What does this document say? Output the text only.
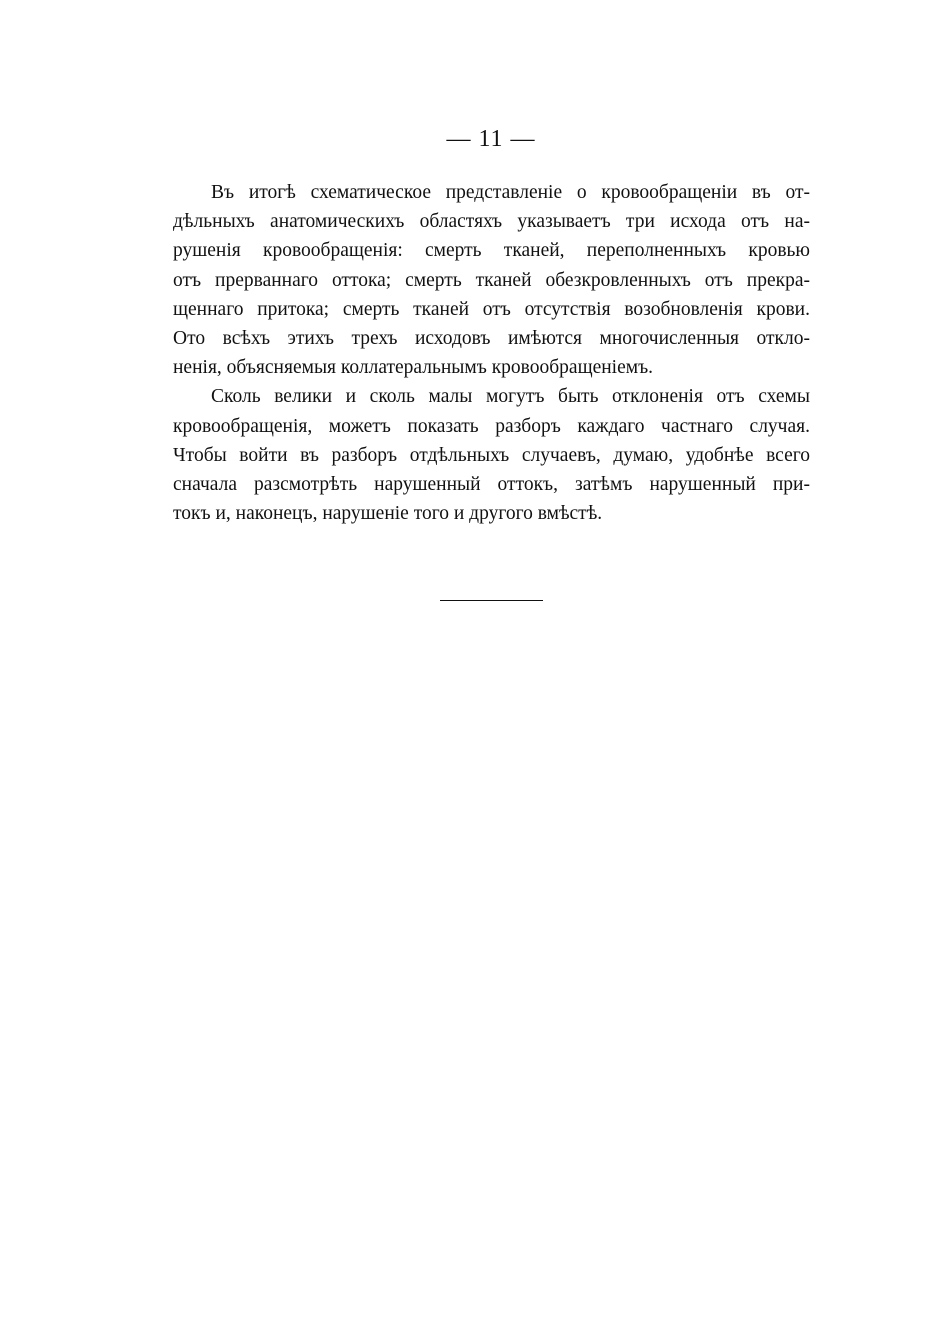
— 11 —
Въ итогѣ схематическое представленіе о кровообращеніи въ от-
дѣльныхъ анатомическихъ областяхъ указываетъ три исхода отъ на-
рушенія кровообращенія: смерть тканей, переполненныхъ кровью
отъ прерваннаго оттока; смерть тканей обезкровленныхъ отъ прекра-
щеннаго притока; смерть тканей отъ отсутствія возобновленія крови.
Ото всѣхъ этихъ трехъ исходовъ имѣются многочисленныя откло-
ненія, объясняемыя коллатеральнымъ кровообращеніемъ.
Сколь велики и сколь малы могутъ быть отклоненія отъ схемы
кровообращенія, можетъ показать разборъ каждаго частнаго случая.
Чтобы войти въ разборъ отдѣльныхъ случаевъ, думаю, удобнѣе всего
сначала разсмотрѣть нарушенный оттокъ, затѣмъ нарушенный при-
токъ и, наконецъ, нарушеніе того и другого вмѣстѣ.
